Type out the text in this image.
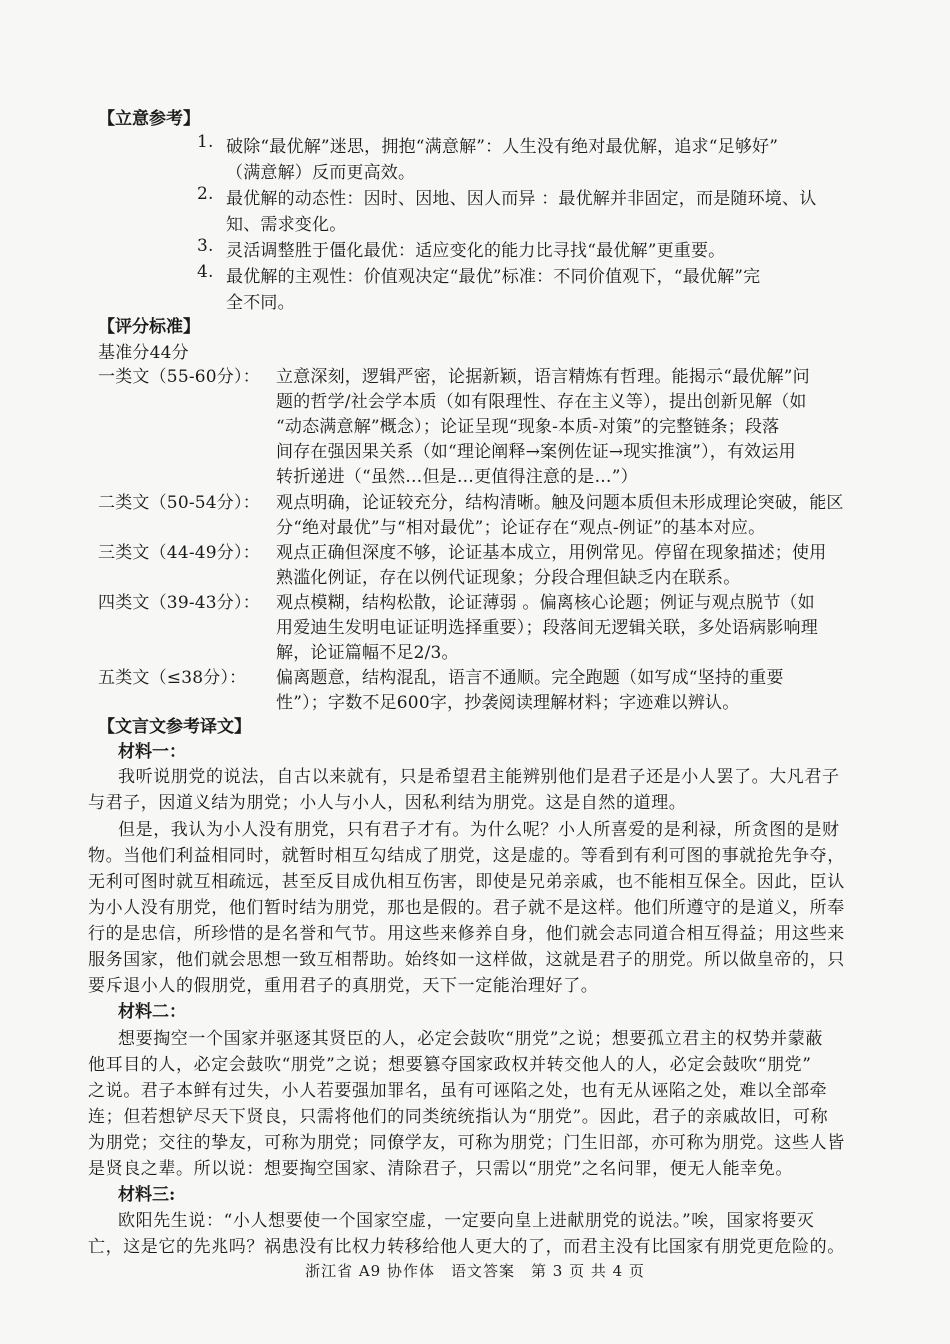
【立意参考】
1. 破除“最优解”迷思，拥抱“满意解”：人生没有绝对最优解，追求“足够好”
（满意解）反而更高效。
2. 最优解的动态性：因时、因地、因人而异 ：最优解并非固定，而是随环境、认
知、需求变化。
3. 灵活调整胜于僵化最优：适应变化的能力比寻找“最优解”更重要。
4. 最优解的主观性：价值观决定“最优”标准：不同价值观下，“最优解”完
全不同。
【评分标准】
基准分44分
一类文（55-60分）： 立意深刻，逻辑严密，论据新颖，语言精炼有哲理。能揭示“最优解”问
题的哲学/社会学本质（如有限理性、存在主义等），提出创新见解（如
“动态满意解”概念）；论证呈现“现象-本质-对策”的完整链条；段落
间存在强因果关系（如“理论阐释→案例佐证→现实推演”），有效运用
转折递进（“虽然…但是…更值得注意的是…”）
二类文（50-54分）： 观点明确，论证较充分，结构清晰。触及问题本质但未形成理论突破，能区
分“绝对最优”与“相对最优”；论证存在“观点-例证”的基本对应。
三类文（44-49分）： 观点正确但深度不够，论证基本成立，用例常见。停留在现象描述；使用
熟滥化例证，存在以例代证现象；分段合理但缺乏内在联系。
四类文（39-43分）： 观点模糊，结构松散，论证薄弱 。偏离核心论题；例证与观点脱节（如
用爱迪生发明电证证明选择重要）；段落间无逻辑关联，多处语病影响理
解，论证篇幅不足2/3。
五类文（≤38分）： 偏离题意，结构混乱，语言不通顺。完全跑题（如写成“坚持的重要
性”）；字数不足600字，抄袭阅读理解材料；字迹难以辨认。
【文言文参考译文】
材料一：
我听说朋党的说法，自古以来就有，只是希望君主能辨别他们是君子还是小人罢了。大凡君子
与君子，因道义结为朋党；小人与小人，因私利结为朋党。这是自然的道理。
但是，我认为小人没有朋党，只有君子才有。为什么呢？小人所喜爱的是利禄，所贪图的是财
物。当他们利益相同时，就暂时相互勾结成了朋党，这是虚的。等看到有利可图的事就抢先争夺，
无利可图时就互相疏远，甚至反目成仇相互伤害，即使是兄弟亲戚，也不能相互保全。因此，臣认
为小人没有朋党，他们暂时结为朋党，那也是假的。君子就不是这样。他们所遵守的是道义，所奉
行的是忠信，所珍惜的是名誉和气节。用这些来修养自身，他们就会志同道合相互得益；用这些来
服务国家，他们就会思想一致互相帮助。始终如一这样做，这就是君子的朋党。所以做皇帝的，只
要斥退小人的假朋党，重用君子的真朋党，天下一定能治理好了。
材料二：
想要掏空一个国家并驱逐其贤臣的人，必定会鼓吹“朋党”之说；想要孤立君主的权势并蒙蔽
他耳目的人，必定会鼓吹“朋党”之说；想要篡夺国家政权并转交他人的人，必定会鼓吹“朋党”
之说。君子本鲜有过失，小人若要强加罪名，虽有可诬陷之处，也有无从诬陷之处，难以全部牵
连；但若想铲尽天下贤良，只需将他们的同类统统指认为“朋党”。因此，君子的亲戚故旧，可称
为朋党；交往的挚友，可称为朋党；同僚学友，可称为朋党；门生旧部，亦可称为朋党。这些人皆
是贤良之辈。所以说：想要掏空国家、清除君子，只需以“朋党”之名问罪，便无人能幸免。
材料三:
欧阳先生说：“小人想要使一个国家空虚，一定要向皇上进献朋党的说法。”唉，国家将要灭
亡，这是它的先兆吗？祸患没有比权力转移给他人更大的了，而君主没有比国家有朋党更危险的。
浙江省 A9 协作体　语文答案　第 3 页 共 4 页
